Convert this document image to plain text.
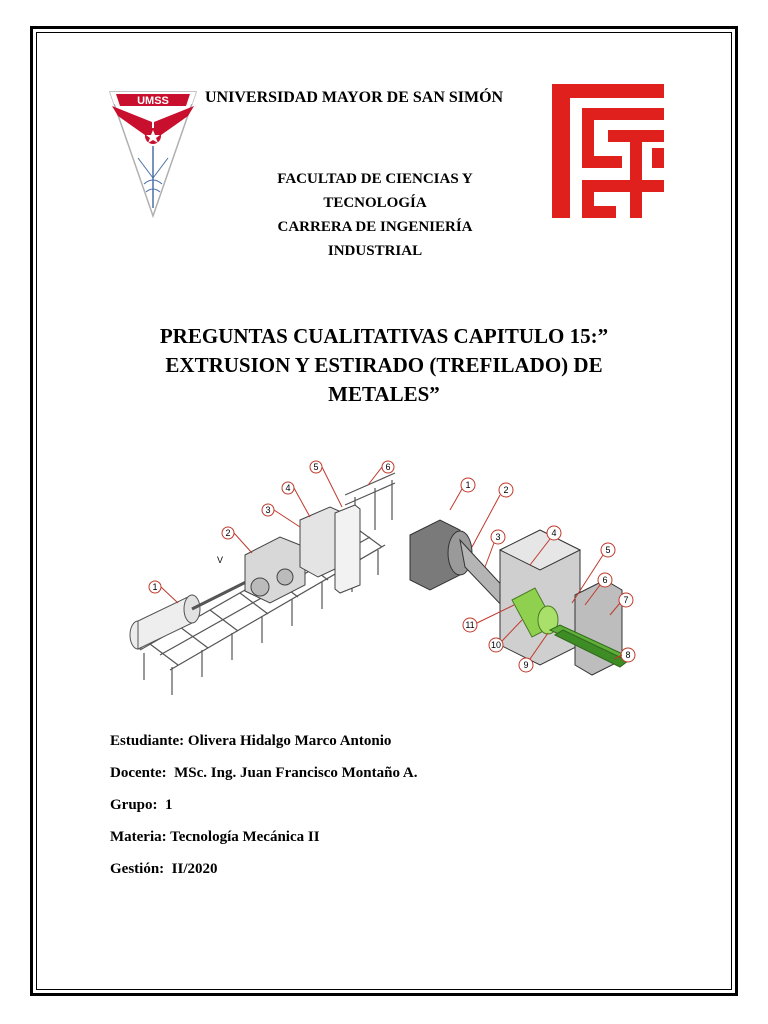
UMSS UNIVERSIDAD MAYOR DE SAN SIMÓN
FACULTAD DE CIENCIAS Y
TECNOLOGÍA
CARRERA DE INGENIERÍA
INDUSTRIAL
PREGUNTAS CUALITATIVAS CAPITULO 15:”
EXTRUSION Y ESTIRADO (TREFILADO) DE
METALES”
1
2
3
4
5	6
V
1	2
3	4
5
6
7
8
9
10
11
Estudiante: Olivera Hidalgo Marco Antonio
Docente:  MSc. Ing. Juan Francisco Montaño A.
Grupo:  1
Materia: Tecnología Mecánica II
Gestión:  II/2020
